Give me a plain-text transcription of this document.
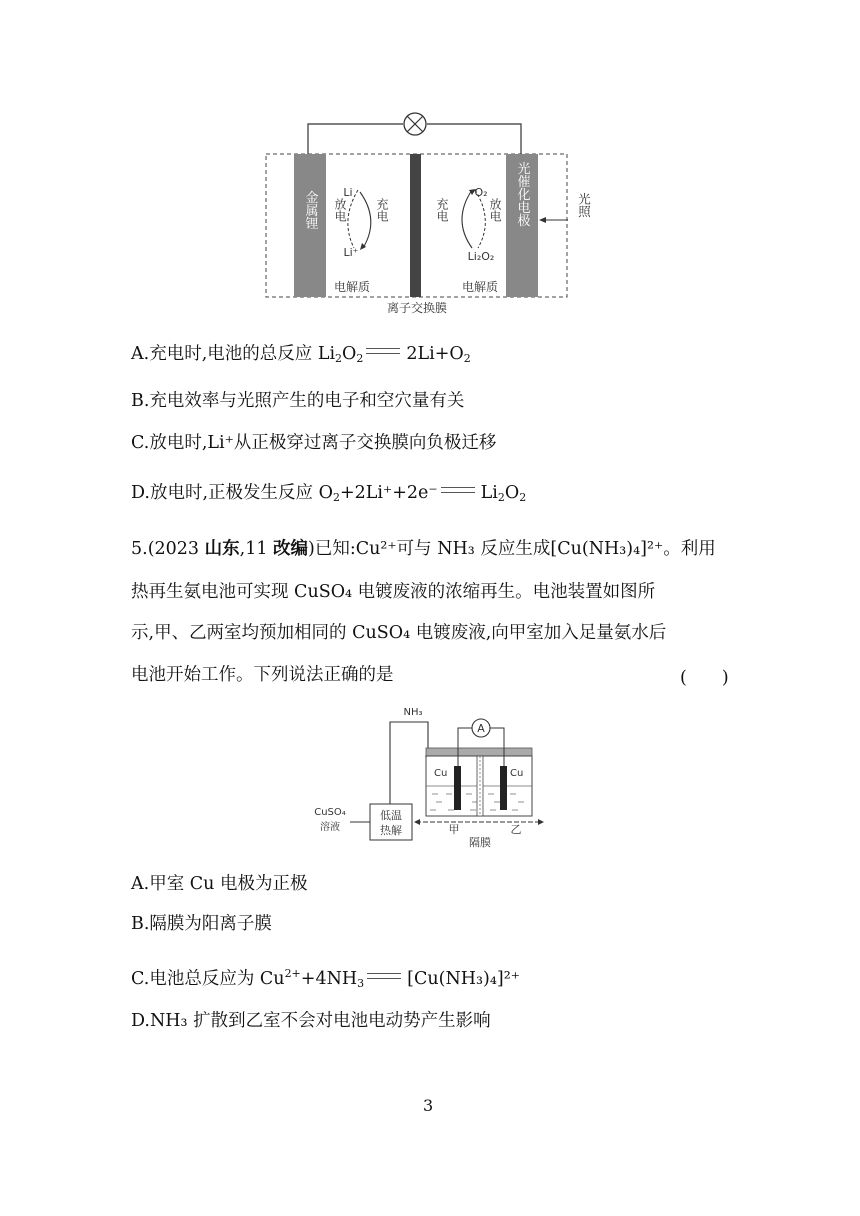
金属锂	光催化电极	光照
Li
Li⁺
放电 充电
O₂
Li₂O₂
充电	放电
电解质	电解质
离子交换膜
A.充电时,电池的总反应 $Li_2O_2$ $2Li+O_2$
B.充电效率与光照产生的电子和空穴量有关
C.放电时,Li⁺从正极穿过离子交换膜向负极迁移
D.放电时,正极发生反应 $O_2+2Li^++2e^-$ $Li_2O_2$
5.(2023 山东,11 改编)已知:Cu²⁺可与 NH₃ 反应生成[Cu(NH₃)₄]²⁺。利用
热再生氨电池可实现 CuSO₄ 电镀废液的浓缩再生。电池装置如图所
示,甲、乙两室均预加相同的 CuSO₄ 电镀废液,向甲室加入足量氨水后
电池开始工作。下列说法正确的是	(　　)
NH₃
A
Cu	Cu
低温
热解
CuSO₄
溶液	甲	乙
隔膜
A.甲室 Cu 电极为正极
B.隔膜为阳离子膜
C.电池总反应为 $Cu^{2+}+4NH_3$ [Cu(NH₃)₄]²⁺
D.NH₃ 扩散到乙室不会对电池电动势产生影响
3
